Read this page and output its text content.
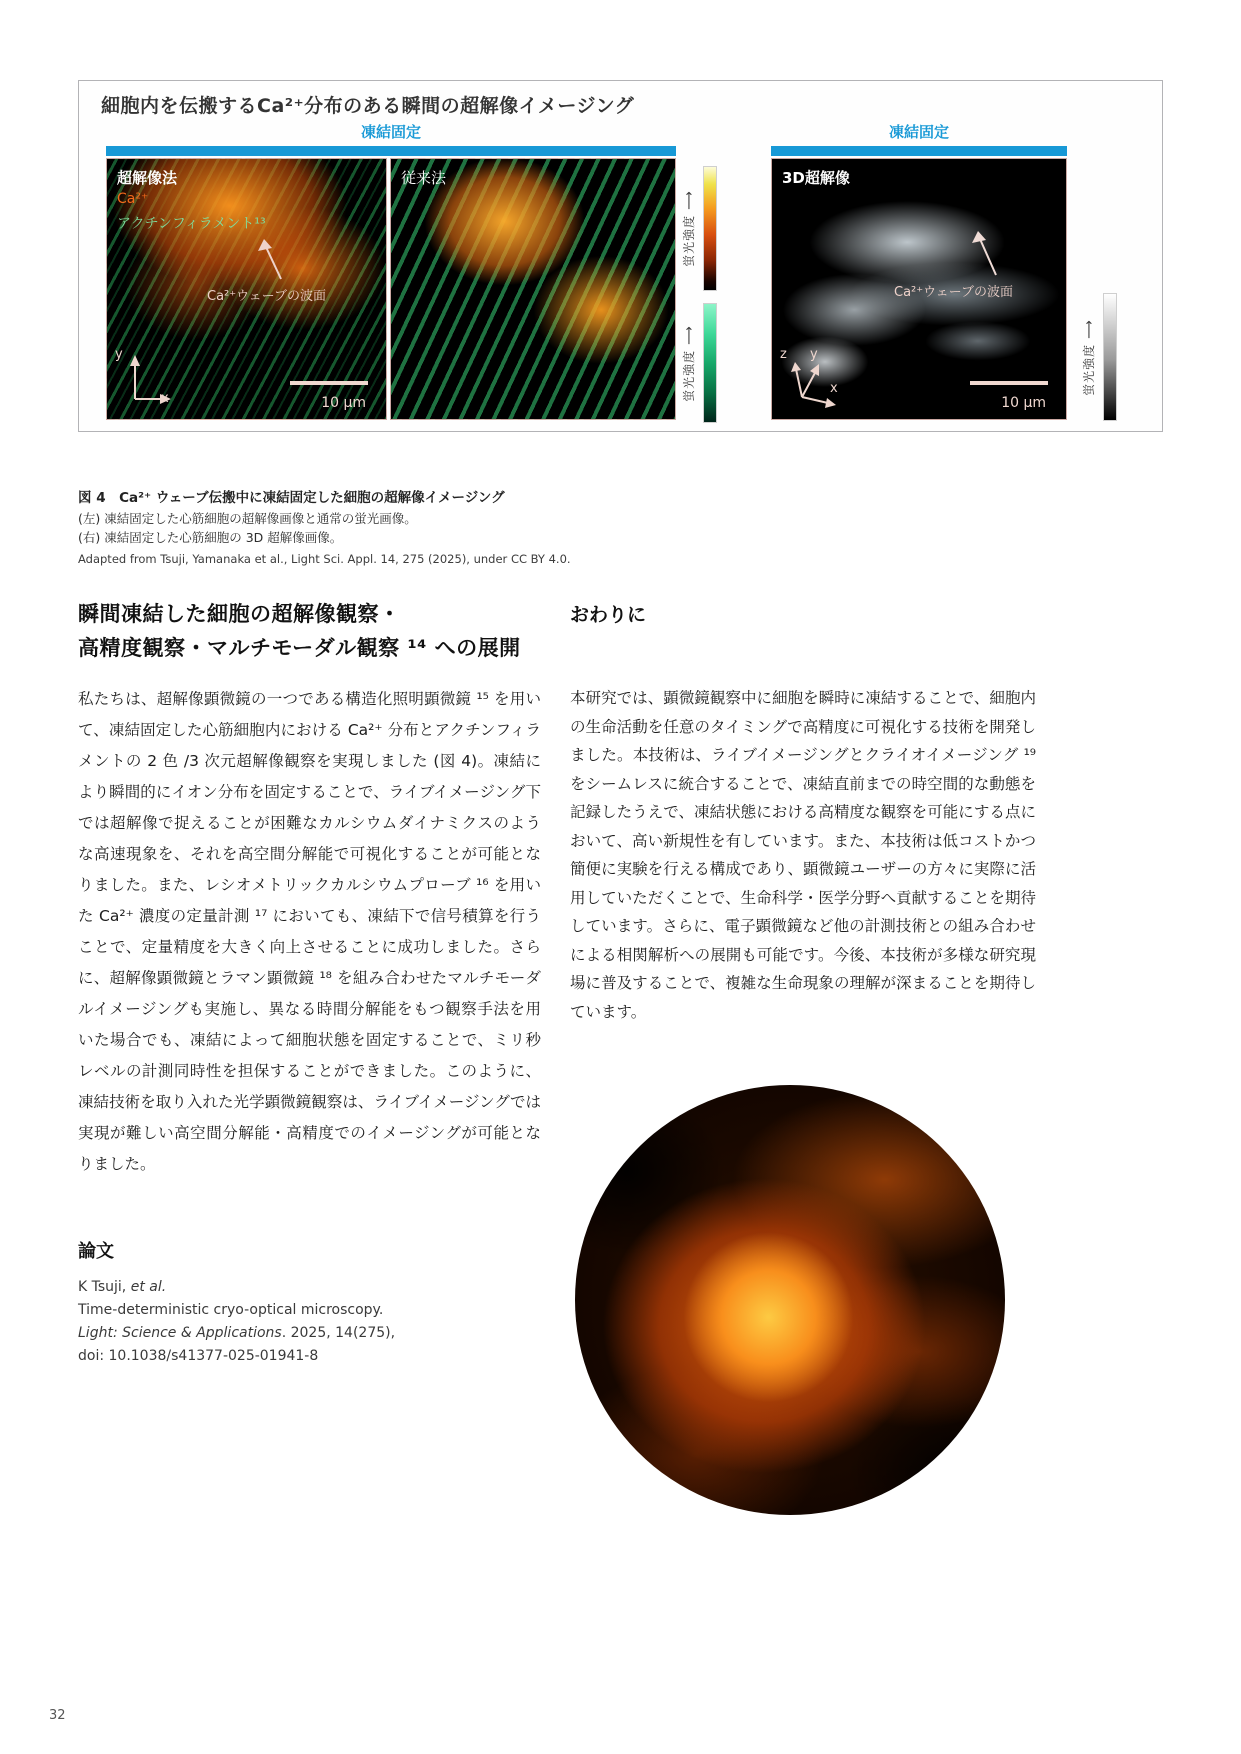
細胞内を伝搬するCa²⁺分布のある瞬間の超解像イメージング
凍結固定
超解像法
Ca²⁺
アクチンフィラメント¹³
Ca²⁺ウェーブの波面
y
x	10 μm
従来法
蛍光強度⟶
蛍光強度⟶
凍結固定
3D超解像
Ca²⁺ウェーブの波面
z y
x
10 μm
蛍光強度⟶
図 4　Ca²⁺ ウェーブ伝搬中に凍結固定した細胞の超解像イメージング
(左) 凍結固定した心筋細胞の超解像画像と通常の蛍光画像。
(右) 凍結固定した心筋細胞の 3D 超解像画像。
Adapted from Tsuji, Yamanaka et al., Light Sci. Appl. 14, 275 (2025), under CC BY 4.0.
瞬間凍結した細胞の超解像観察・
高精度観察・マルチモーダル観察 ¹⁴ への展開

私たちは、超解像顕微鏡の一つである構造化照明顕微鏡 ¹⁵ を用いて、凍結固定した心筋細胞内における Ca²⁺ 分布とアクチンフィラメントの 2 色 /3 次元超解像観察を実現しました (図 4)。凍結により瞬間的にイオン分布を固定することで、ライブイメージング下では超解像で捉えることが困難なカルシウムダイナミクスのような高速現象を、それを高空間分解能で可視化することが可能となりました。また、レシオメトリックカルシウムプローブ ¹⁶ を用いた Ca²⁺ 濃度の定量計測 ¹⁷ においても、凍結下で信号積算を行うことで、定量精度を大きく向上させることに成功しました。さらに、超解像顕微鏡とラマン顕微鏡 ¹⁸ を組み合わせたマルチモーダルイメージングも実施し、異なる時間分解能をもつ観察手法を用いた場合でも、凍結によって細胞状態を固定することで、ミリ秒レベルの計測同時性を担保することができました。このように、凍結技術を取り入れた光学顕微鏡観察は、ライブイメージングでは実現が難しい高空間分解能・高精度でのイメージングが可能となりました。

おわりに

本研究では、顕微鏡観察中に細胞を瞬時に凍結することで、細胞内の生命活動を任意のタイミングで高精度に可視化する技術を開発しました。本技術は、ライブイメージングとクライオイメージング ¹⁹ をシームレスに統合することで、凍結直前までの時空間的な動態を記録したうえで、凍結状態における高精度な観察を可能にする点において、高い新規性を有しています。また、本技術は低コストかつ簡便に実験を行える構成であり、顕微鏡ユーザーの方々に実際に活用していただくことで、生命科学・医学分野へ貢献することを期待しています。さらに、電子顕微鏡など他の計測技術との組み合わせによる相関解析への展開も可能です。今後、本技術が多様な研究現場に普及することで、複雑な生命現象の理解が深まることを期待しています。

論文
K Tsuji, et al.
Time-deterministic cryo-optical microscopy.
Light: Science & Applications. 2025, 14(275),
doi: 10.1038/s41377-025-01941-8
32
